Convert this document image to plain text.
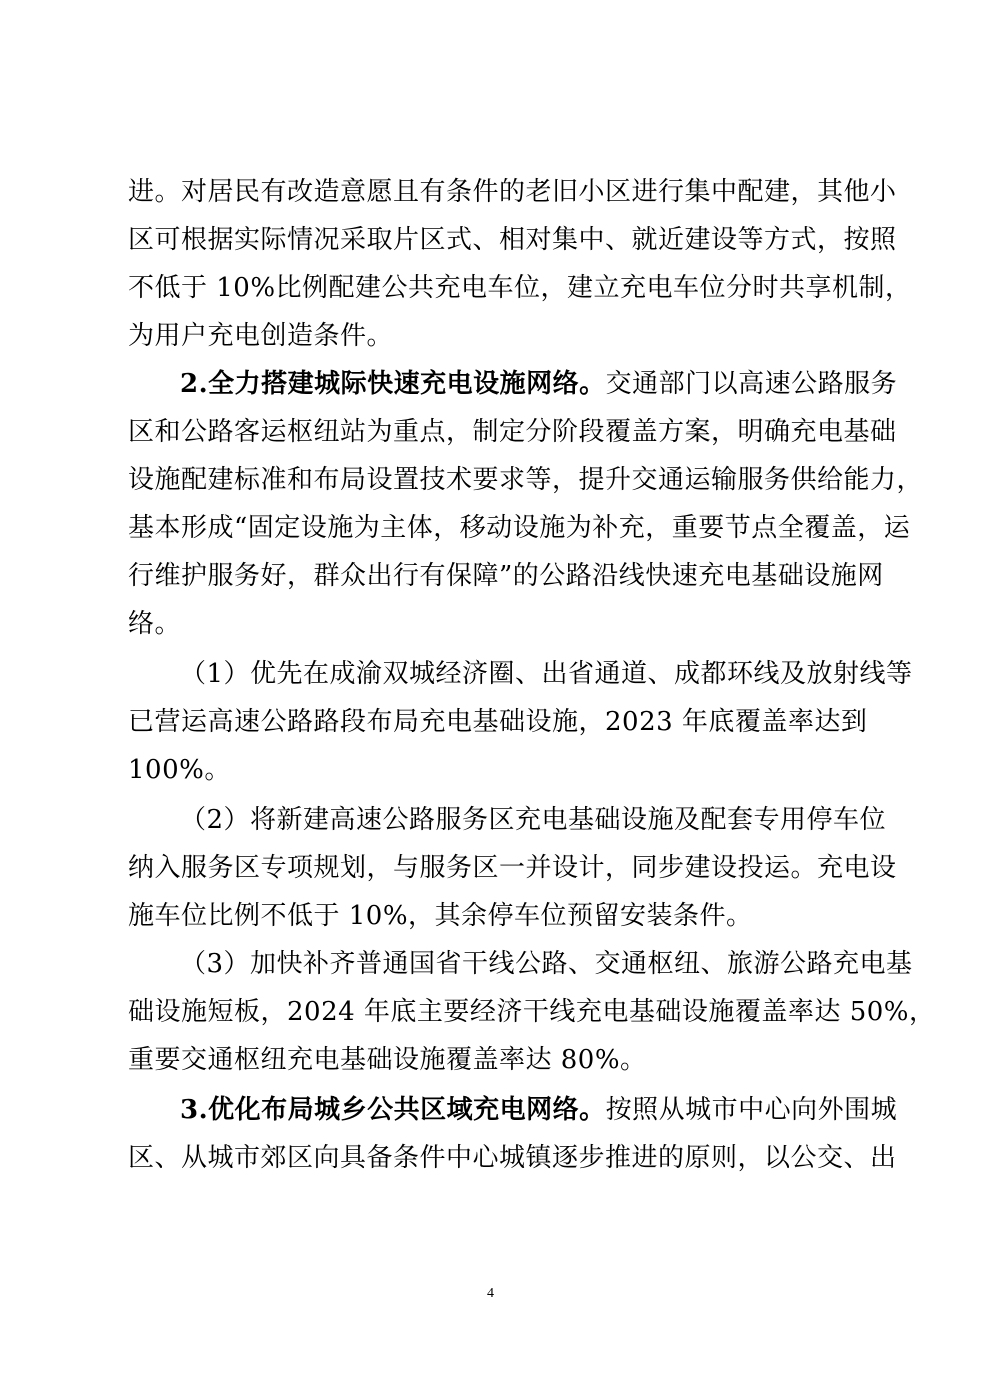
进。对居民有改造意愿且有条件的老旧小区进行集中配建，其他小
区可根据实际情况采取片区式、相对集中、就近建设等方式，按照
不低于 10%比例配建公共充电车位，建立充电车位分时共享机制，
为用户充电创造条件。
2.全力搭建城际快速充电设施网络。交通部门以高速公路服务
区和公路客运枢纽站为重点，制定分阶段覆盖方案，明确充电基础
设施配建标准和布局设置技术要求等，提升交通运输服务供给能力，
基本形成“固定设施为主体，移动设施为补充，重要节点全覆盖，运
行维护服务好，群众出行有保障”的公路沿线快速充电基础设施网
络。
（1）优先在成渝双城经济圈、出省通道、成都环线及放射线等
已营运高速公路路段布局充电基础设施，2023 年底覆盖率达到
100%。
（2）将新建高速公路服务区充电基础设施及配套专用停车位
纳入服务区专项规划，与服务区一并设计，同步建设投运。充电设
施车位比例不低于 10%，其余停车位预留安装条件。
（3）加快补齐普通国省干线公路、交通枢纽、旅游公路充电基
础设施短板，2024 年底主要经济干线充电基础设施覆盖率达 50%，
重要交通枢纽充电基础设施覆盖率达 80%。
3.优化布局城乡公共区域充电网络。按照从城市中心向外围城
区、从城市郊区向具备条件中心城镇逐步推进的原则，以公交、出
4
